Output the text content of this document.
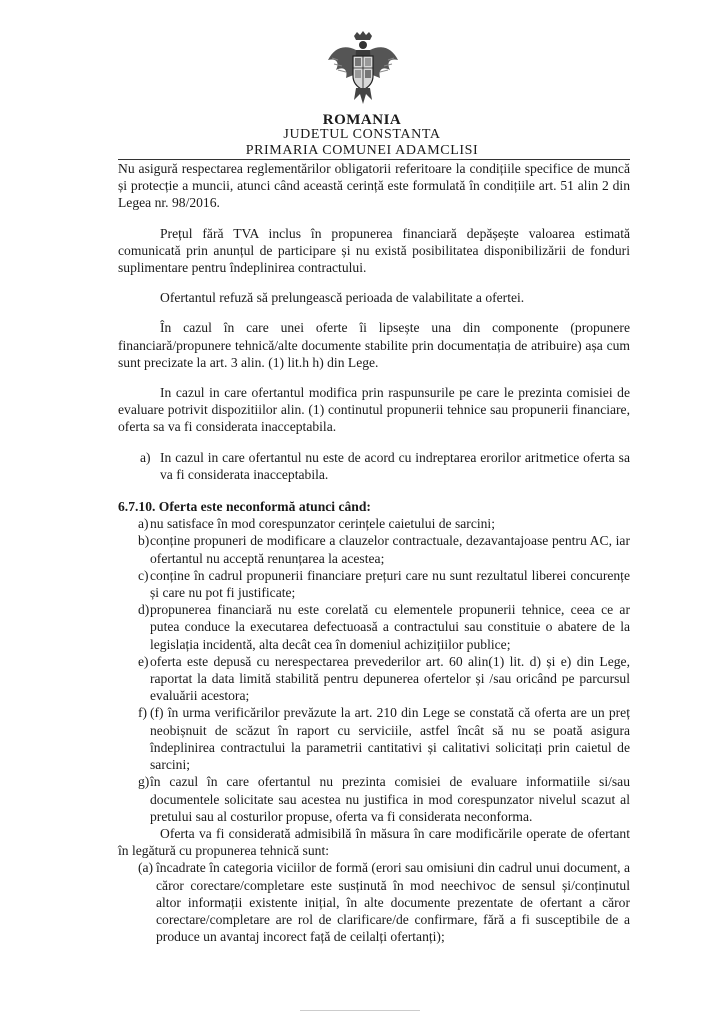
ROMANIA
JUDETUL CONSTANTA
PRIMARIA COMUNEI ADAMCLISI

Nu asigură respectarea reglementărilor obligatorii referitoare la condițiile specifice de muncă și protecție a muncii, atunci când această cerință este formulată în condițiile art. 51 alin 2 din Legea nr. 98/2016.

Prețul fără TVA inclus în propunerea financiară depășește valoarea estimată comunicată prin anunțul de participare și nu există posibilitatea disponibilizării de fonduri suplimentare pentru îndeplinirea contractului.

Ofertantul refuză să prelungească perioada de valabilitate a ofertei.

În cazul în care unei oferte îi lipsește una din componente (propunere financiară/propunere tehnică/alte documente stabilite prin documentația de atribuire) așa cum sunt precizate la art. 3 alin. (1) lit.h h) din Lege.

In cazul in care ofertantul modifica prin raspunsurile pe care le prezinta comisiei de evaluare potrivit dispozitiilor alin. (1) continutul propunerii tehnice sau propunerii financiare, oferta sa va fi considerata inacceptabila.

a) In cazul in care ofertantul nu este de acord cu indreptarea erorilor aritmetice oferta sa va fi considerata inacceptabila.

6.7.10. Oferta este neconformă atunci când:

a) nu satisface în mod corespunzator cerințele caietului de sarcini;
b) conține propuneri de modificare a clauzelor contractuale, dezavantajoase pentru AC, iar ofertantul nu acceptă renunțarea la acestea;
c) conține în cadrul propunerii financiare prețuri care nu sunt rezultatul liberei concurențe și care nu pot fi justificate;
d) propunerea financiară nu este corelată cu elementele propunerii tehnice, ceea ce ar putea conduce la executarea defectuoasă a contractului sau constituie o abatere de la legislația incidentă, alta decât cea în domeniul achizițiilor publice;
e) oferta este depusă cu nerespectarea prevederilor art. 60 alin(1) lit. d) și e) din Lege, raportat la data limită stabilită pentru depunerea ofertelor și /sau oricând pe parcursul evaluării acestora;
f) (f) în urma verificărilor prevăzute la art. 210 din Lege se constată că oferta are un preț neobișnuit de scăzut în raport cu serviciile, astfel încât să nu se poată asigura îndeplinirea contractului la parametrii cantitativi și calitativi solicitați prin caietul de sarcini;
g) în cazul în care ofertantul nu prezinta comisiei de evaluare informatiile si/sau documentele solicitate sau acestea nu justifica in mod corespunzator nivelul scazut al pretului sau al costurilor propuse, oferta va fi considerata neconforma.

Oferta va fi considerată admisibilă în măsura în care modificările operate de ofertant în legătură cu propunerea tehnică sunt:

(a) încadrate în categoria viciilor de formă (erori sau omisiuni din cadrul unui document, a căror corectare/completare este susținută în mod neechivoc de sensul și/conținutul altor informații existente inițial, în alte documente prezentate de ofertant a căror corectare/completare are rol de clarificare/de confirmare, fără a fi susceptibile de a produce un avantaj incorect față de ceilalți ofertanți);
